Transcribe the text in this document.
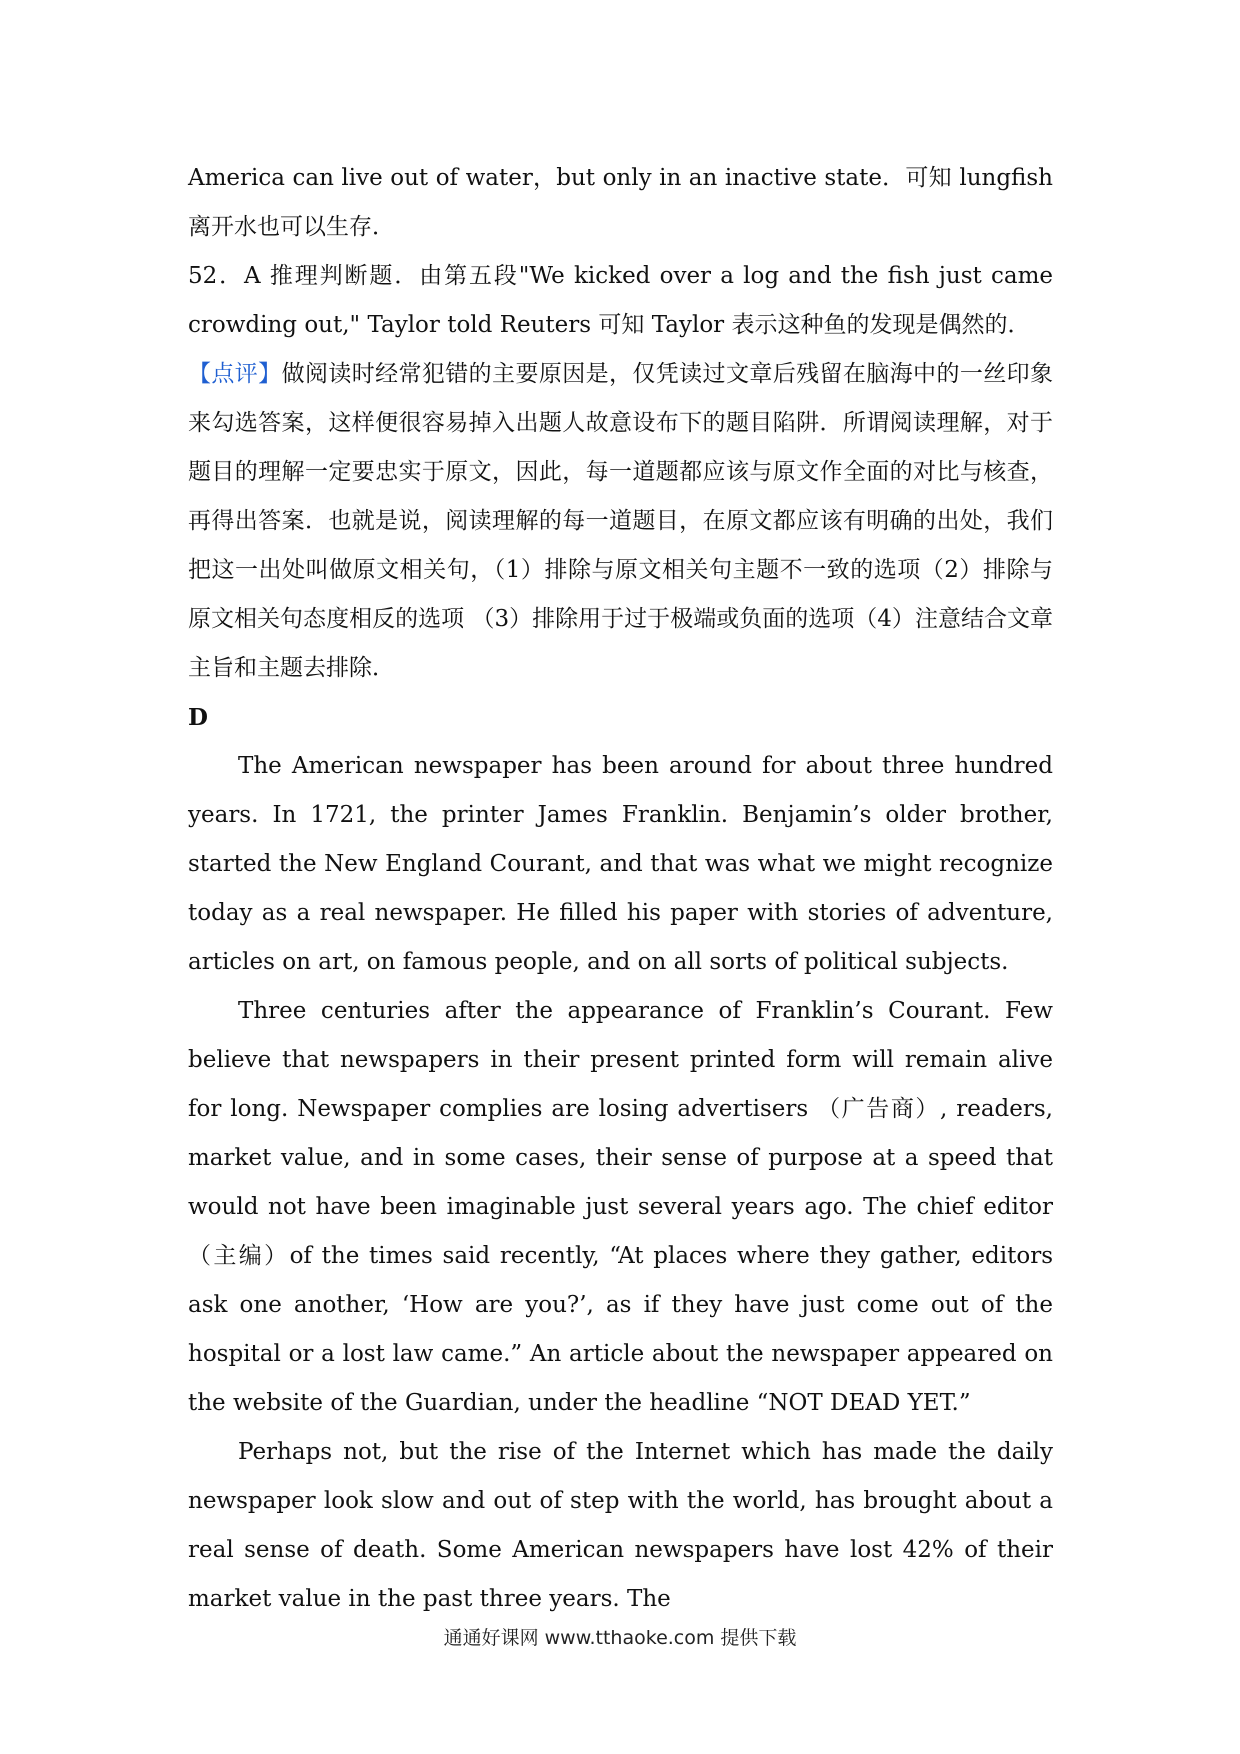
America can live out of water，but only in an inactive state．可知 lungfish 离开水也可以生存．

52．A 推理判断题．由第五段"We kicked over a log and the fish just came crowding out," Taylor told Reuters 可知 Taylor 表示这种鱼的发现是偶然的．

【点评】做阅读时经常犯错的主要原因是，仅凭读过文章后残留在脑海中的一丝印象来勾选答案，这样便很容易掉入出题人故意设布下的题目陷阱．所谓阅读理解，对于题目的理解一定要忠实于原文，因此，每一道题都应该与原文作全面的对比与核查，再得出答案．也就是说，阅读理解的每一道题目，在原文都应该有明确的出处，我们把这一出处叫做原文相关句，（1）排除与原文相关句主题不一致的选项（2）排除与原文相关句态度相反的选项 （3）排除用于过于极端或负面的选项（4）注意结合文章主旨和主题去排除．

D

The American newspaper has been around for about three hundred years. In 1721, the printer James Franklin. Benjamin’s older brother, started the New England Courant, and that was what we might recognize today as a real newspaper. He filled his paper with stories of adventure, articles on art, on famous people, and on all sorts of political subjects.

Three centuries after the appearance of Franklin’s Courant. Few believe that newspapers in their present printed form will remain alive for long. Newspaper complies are losing advertisers （广告商）, readers, market value, and in some cases, their sense of purpose at a speed that would not have been imaginable just several years ago. The chief editor（主编）of the times said recently, “At places where they gather, editors ask one another, ‘How are you?’, as if they have just come out of the hospital or a lost law came.” An article about the newspaper appeared on the website of the Guardian, under the headline “NOT DEAD YET.”

Perhaps not, but the rise of the Internet which has made the daily newspaper look slow and out of step with the world, has brought about a real sense of death. Some American newspapers have lost 42% of their market value in the past three years. The

通通好课网 www.tthaoke.com 提供下载
